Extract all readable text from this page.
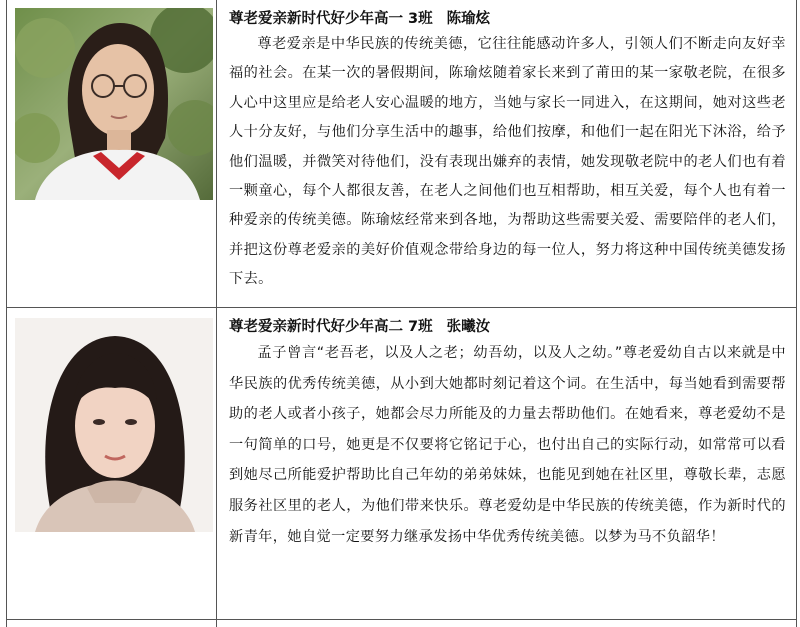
尊老爱亲新时代好少年高一 3班 陈瑜炫

尊老爱亲是中华民族的传统美德，它往往能感动许多人，引领人们不断走向友好幸福的社会。在某一次的暑假期间，陈瑜炫随着家长来到了莆田的某一家敬老院，在很多人心中这里应是给老人安心温暖的地方，当她与家长一同进入，在这期间，她对这些老人十分友好，与他们分享生活中的趣事，给他们按摩，和他们一起在阳光下沐浴，给予他们温暖，并微笑对待他们，没有表现出嫌弃的表情，她发现敬老院中的老人们也有着一颗童心，每个人都很友善，在老人之间他们也互相帮助，相互关爱，每个人也有着一种爱亲的传统美德。陈瑜炫经常来到各地，为帮助这些需要关爱、需要陪伴的老人们，并把这份尊老爱亲的美好价值观念带给身边的每一位人，努力将这种中国传统美德发扬下去。

尊老爱亲新时代好少年高二 7班 张曦汝

孟子曾言“老吾老，以及人之老；幼吾幼，以及人之幼。”尊老爱幼自古以来就是中华民族的优秀传统美德，从小到大她都时刻记着这个词。在生活中，每当她看到需要帮助的老人或者小孩子，她都会尽力所能及的力量去帮助他们。在她看来，尊老爱幼不是一句简单的口号，她更是不仅要将它铭记于心，也付出自己的实际行动，如常常可以看到她尽己所能爱护帮助比自己年幼的弟弟妹妹，也能见到她在社区里，尊敬长辈，志愿服务社区里的老人，为他们带来快乐。尊老爱幼是中华民族的传统美德，作为新时代的新青年，她自觉一定要努力继承发扬中华优秀传统美德。以梦为马不负韶华！
